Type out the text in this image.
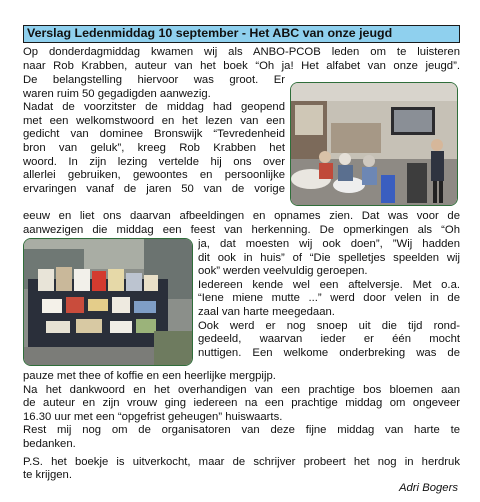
Verslag Ledenmiddag 10 september - Het ABC van onze jeugd
Op donderdagmiddag kwamen wij als ANBO-PCOB leden om te luisteren
naar Rob Krabben, auteur van het boek “Oh ja! Het alfabet van onze jeugd”.
De belangstelling hiervoor was groot. Er
waren ruim 50 gegadigden aanwezig.
Nadat de voorzitster de middag had geopend
met een welkomstwoord en het lezen van een
gedicht van dominee Bronswijk “Tevredenheid
bron van geluk”, kreeg Rob Krabben het
woord. In zijn lezing vertelde hij ons over
allerlei gebruiken, gewoontes en persoonlijke
ervaringen vanaf de jaren 50 van de vorige
eeuw en liet ons daarvan afbeeldingen en opnames zien. Dat was voor de
aanwezigen die middag een feest van herkenning. De opmerkingen als “Oh
ja, dat moesten wij ook doen”, ”Wij hadden
dit ook in huis” of “Die spelletjes speelden wij
ook” werden veelvuldig geroepen.
Iedereen kende wel een aftelversje. Met o.a.
“Iene miene mutte ...” werd door velen in de
zaal van harte meegedaan.
Ook werd er nog snoep uit die tijd rond-
gedeeld, waarvan ieder er één mocht
nuttigen. Een welkome onderbreking was de
pauze met thee of koffie en een heerlijke mergpijp.
Na het dankwoord en het overhandigen van een prachtige bos bloemen aan
de auteur en zijn vrouw ging iedereen na een prachtige middag om ongeveer
16.30 uur met een “opgefrist geheugen” huiswaarts.
Rest mij nog om de organisatoren van deze fijne middag van harte te
bedanken.
P.S. het boekje is uitverkocht, maar de schrijver probeert het nog in herdruk
te krijgen.
Adri Bogers
